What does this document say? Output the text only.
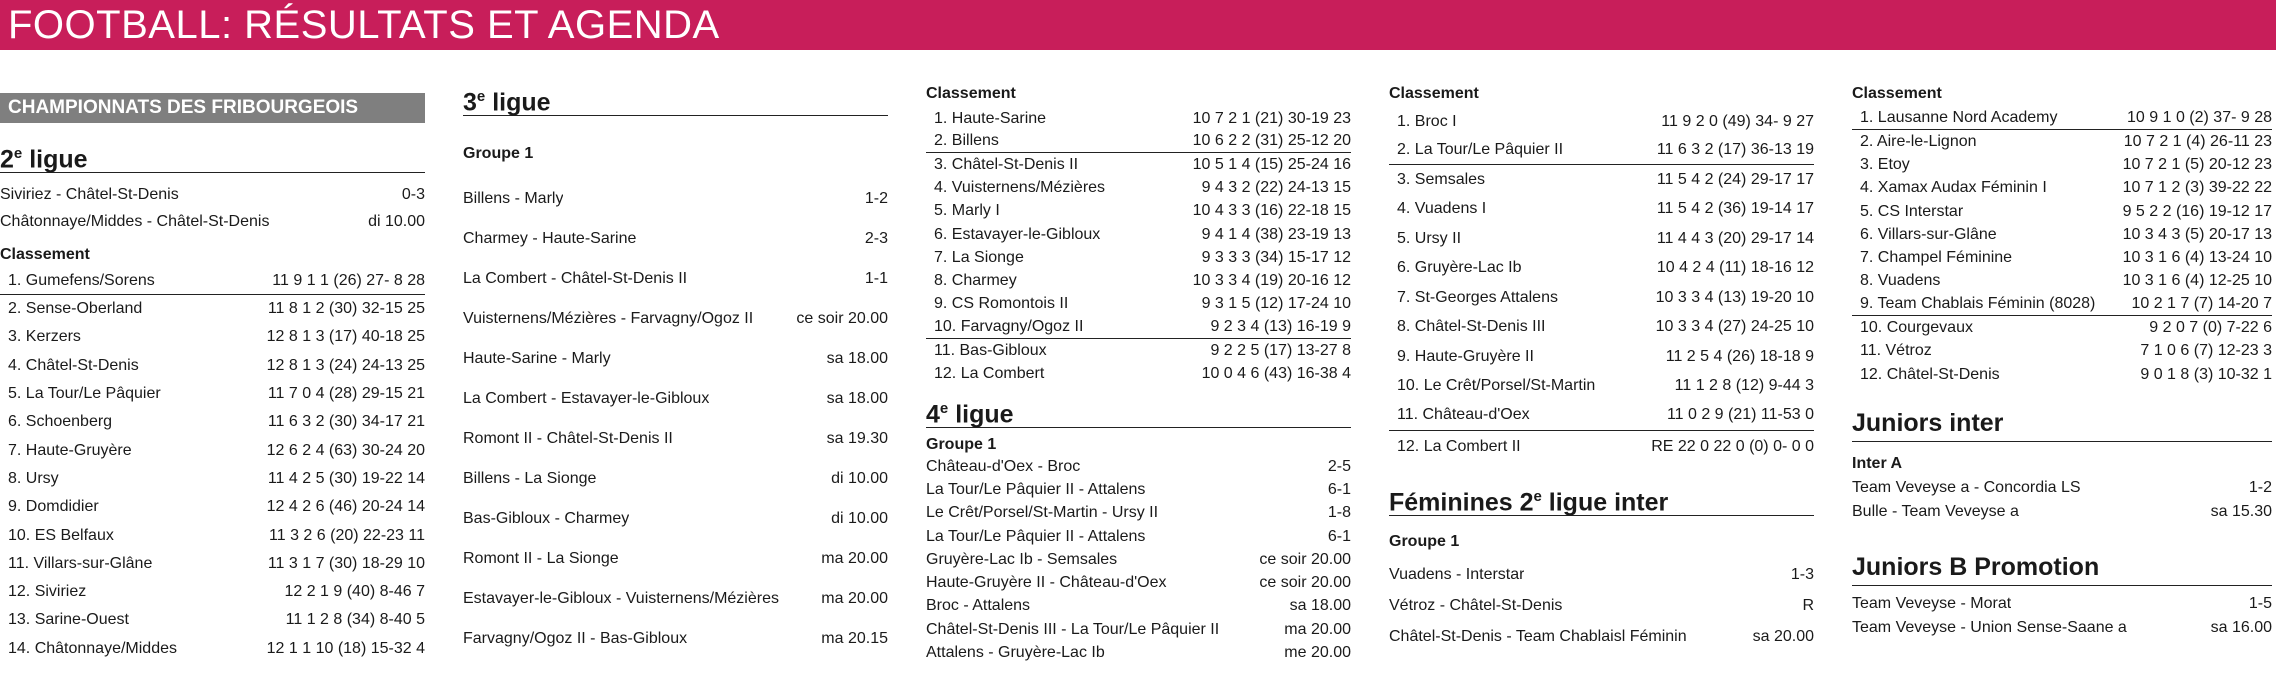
FOOTBALL: RÉSULTATS ET AGENDA
CHAMPIONNATS DES FRIBOURGEOIS
2e ligue
Siviriez - Châtel-St-Denis	0-3
Châtonnaye/Middes - Châtel-St-Denis	di 10.00
Classement
1. Gumefens/Sorens	11 9 1 1 (26) 27- 8 28
2. Sense-Oberland	11 8 1 2 (30) 32-15 25
3. Kerzers	12 8 1 3 (17) 40-18 25
4. Châtel-St-Denis	12 8 1 3 (24) 24-13 25
5. La Tour/Le Pâquier	11 7 0 4 (28) 29-15 21
6. Schoenberg	11 6 3 2 (30) 34-17 21
7. Haute-Gruyère	12 6 2 4 (63) 30-24 20
8. Ursy	11 4 2 5 (30) 19-22 14
9. Domdidier	12 4 2 6 (46) 20-24 14
10. ES Belfaux	11 3 2 6 (20) 22-23 11
11. Villars-sur-Glâne	11 3 1 7 (30) 18-29 10
12. Siviriez	12 2 1 9 (40) 8-46 7
13. Sarine-Ouest	11 1 2 8 (34) 8-40 5
14. Châtonnaye/Middes	12 1 1 10 (18) 15-32 4
3e ligue
Groupe 1
Billens - Marly	1-2
Charmey - Haute-Sarine	2-3
La Combert - Châtel-St-Denis II	1-1
Vuisternens/Mézières - Farvagny/Ogoz II	ce soir 20.00
Haute-Sarine - Marly	sa 18.00
La Combert - Estavayer-le-Gibloux	sa 18.00
Romont II - Châtel-St-Denis II	sa 19.30
Billens - La Sionge	di 10.00
Bas-Gibloux - Charmey	di 10.00
Romont II - La Sionge	ma 20.00
Estavayer-le-Gibloux - Vuisternens/Mézières	ma 20.00
Farvagny/Ogoz II - Bas-Gibloux	ma 20.15
Classement
1. Haute-Sarine	10 7 2 1 (21) 30-19 23
2. Billens	10 6 2 2 (31) 25-12 20
3. Châtel-St-Denis II	10 5 1 4 (15) 25-24 16
4. Vuisternens/Mézières	9 4 3 2 (22) 24-13 15
5. Marly I	10 4 3 3 (16) 22-18 15
6. Estavayer-le-Gibloux	9 4 1 4 (38) 23-19 13
7. La Sionge	9 3 3 3 (34) 15-17 12
8. Charmey	10 3 3 4 (19) 20-16 12
9. CS Romontois II	9 3 1 5 (12) 17-24 10
10. Farvagny/Ogoz II	9 2 3 4 (13) 16-19 9
11. Bas-Gibloux	9 2 2 5 (17) 13-27 8
12. La Combert	10 0 4 6 (43) 16-38 4
4e ligue
Groupe 1
Château-d'Oex - Broc	2-5
La Tour/Le Pâquier II - Attalens	6-1
Le Crêt/Porsel/St-Martin - Ursy II	1-8
La Tour/Le Pâquier II - Attalens	6-1
Gruyère-Lac Ib - Semsales	ce soir 20.00
Haute-Gruyère II - Château-d'Oex	ce soir 20.00
Broc - Attalens	sa 18.00
Châtel-St-Denis III - La Tour/Le Pâquier II	ma 20.00
Attalens - Gruyère-Lac Ib	me 20.00
Classement
1. Broc I	11 9 2 0 (49) 34- 9 27
2. La Tour/Le Pâquier II	11 6 3 2 (17) 36-13 19
3. Semsales	11 5 4 2 (24) 29-17 17
4. Vuadens I	11 5 4 2 (36) 19-14 17
5. Ursy II	11 4 4 3 (20) 29-17 14
6. Gruyère-Lac Ib	10 4 2 4 (11) 18-16 12
7. St-Georges Attalens	10 3 3 4 (13) 19-20 10
8. Châtel-St-Denis III	10 3 3 4 (27) 24-25 10
9. Haute-Gruyère II	11 2 5 4 (26) 18-18 9
10. Le Crêt/Porsel/St-Martin	11 1 2 8 (12) 9-44 3
11. Château-d'Oex	11 0 2 9 (21) 11-53 0
12. La Combert II	RE 22 0 22 0 (0) 0- 0 0
Féminines 2e ligue inter
Groupe 1
Vuadens - Interstar	1-3
Vétroz - Châtel-St-Denis	R
Châtel-St-Denis - Team Chablaisl Féminin	sa 20.00
Classement
1. Lausanne Nord Academy	10 9 1 0 (2) 37- 9 28
2. Aire-le-Lignon	10 7 2 1 (4) 26-11 23
3. Etoy	10 7 2 1 (5) 20-12 23
4. Xamax Audax Féminin I	10 7 1 2 (3) 39-22 22
5. CS Interstar	9 5 2 2 (16) 19-12 17
6. Villars-sur-Glâne	10 3 4 3 (5) 20-17 13
7. Champel Féminine	10 3 1 6 (4) 13-24 10
8. Vuadens	10 3 1 6 (4) 12-25 10
9. Team Chablais Féminin (8028)	10 2 1 7 (7) 14-20 7
10. Courgevaux	9 2 0 7 (0) 7-22 6
11. Vétroz	7 1 0 6 (7) 12-23 3
12. Châtel-St-Denis	9 0 1 8 (3) 10-32 1
Juniors inter
Inter A
Team Veveyse a - Concordia LS	1-2
Bulle - Team Veveyse a	sa 15.30
Juniors B Promotion
Team Veveyse - Morat	1-5
Team Veveyse - Union Sense-Saane a	sa 16.00
